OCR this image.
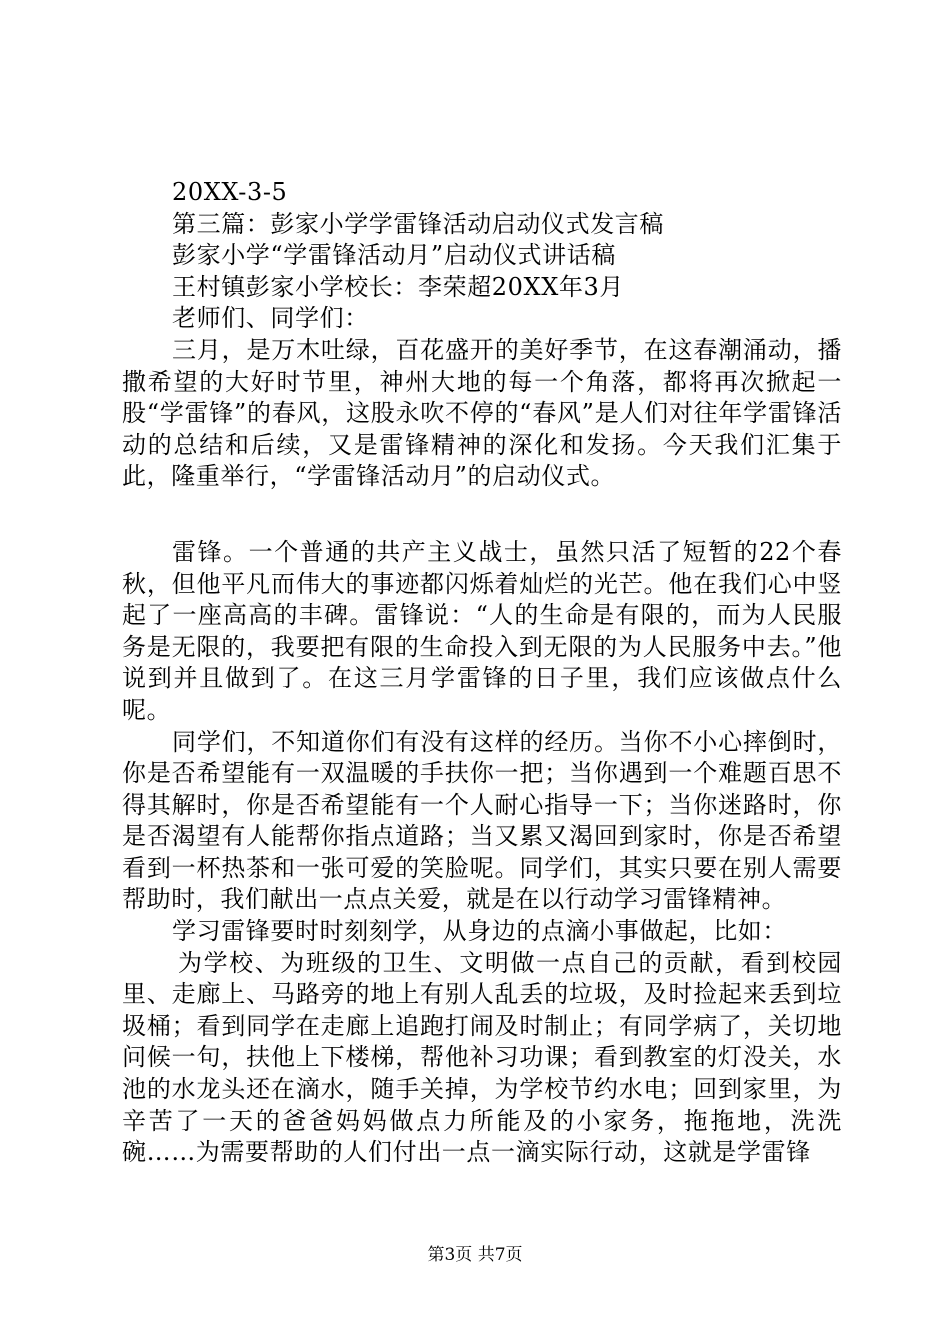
20XX-3-5
第三篇：彭家小学学雷锋活动启动仪式发言稿
彭家小学“学雷锋活动月”启动仪式讲话稿
王村镇彭家小学校长：李荣超20XX年3月
老师们、同学们：

三月，是万木吐绿，百花盛开的美好季节，在这春潮涌动，播撒希望的大好时节里，神州大地的每一个角落，都将再次掀起一股“学雷锋”的春风，这股永吹不停的“春风”是人们对往年学雷锋活动的总结和后续，又是雷锋精神的深化和发扬。今天我们汇集于此，隆重举行，“学雷锋活动月”的启动仪式。

雷锋。一个普通的共产主义战士，虽然只活了短暂的22个春秋，但他平凡而伟大的事迹都闪烁着灿烂的光芒。他在我们心中竖起了一座高高的丰碑。雷锋说：“人的生命是有限的，而为人民服务是无限的，我要把有限的生命投入到无限的为人民服务中去。”他说到并且做到了。在这三月学雷锋的日子里，我们应该做点什么呢。

同学们，不知道你们有没有这样的经历。当你不小心摔倒时，你是否希望能有一双温暖的手扶你一把；当你遇到一个难题百思不得其解时，你是否希望能有一个人耐心指导一下；当你迷路时，你是否渴望有人能帮你指点道路；当又累又渴回到家时，你是否希望看到一杯热茶和一张可爱的笑脸呢。同学们，其实只要在别人需要帮助时，我们献出一点点关爱，就是在以行动学习雷锋精神。

学习雷锋要时时刻刻学，从身边的点滴小事做起，比如：

为学校、为班级的卫生、文明做一点自己的贡献，看到校园里、走廊上、马路旁的地上有别人乱丢的垃圾，及时捡起来丢到垃圾桶；看到同学在走廊上追跑打闹及时制止；有同学病了，关切地问候一句，扶他上下楼梯，帮他补习功课；看到教室的灯没关，水池的水龙头还在滴水，随手关掉，为学校节约水电；回到家里，为辛苦了一天的爸爸妈妈做点力所能及的小家务，拖拖地，洗洗碗……为需要帮助的人们付出一点一滴实际行动，这就是学雷锋

第3页 共7页
